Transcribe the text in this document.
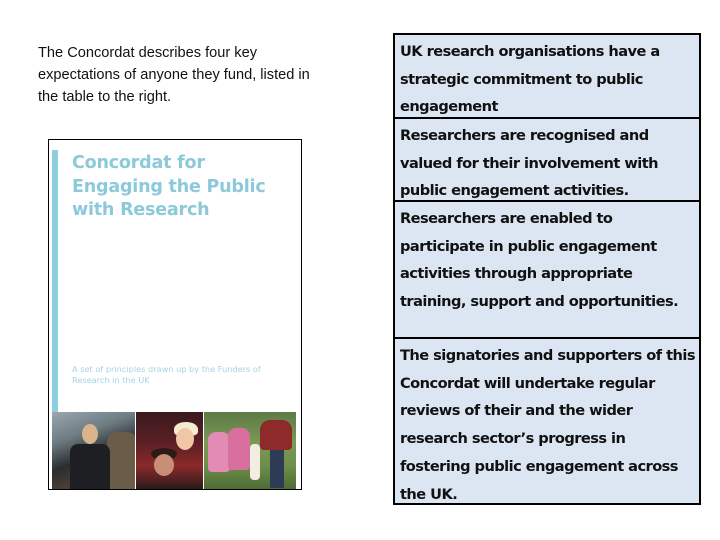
The Concordat describes four key
expectations of anyone they fund, listed in
the table to the right.
Concordat for
Engaging the Public
with Research
A set of principles drawn up by the Funders of Research in the UK
UK research organisations have a strategic commitment to public engagement
Researchers are recognised and valued for their involvement with public engagement activities.
Researchers are enabled to participate in public engagement activities through appropriate training, support and opportunities.
The signatories and supporters of this Concordat will undertake regular reviews of their and the wider research sector’s progress in fostering public engagement across the UK.
